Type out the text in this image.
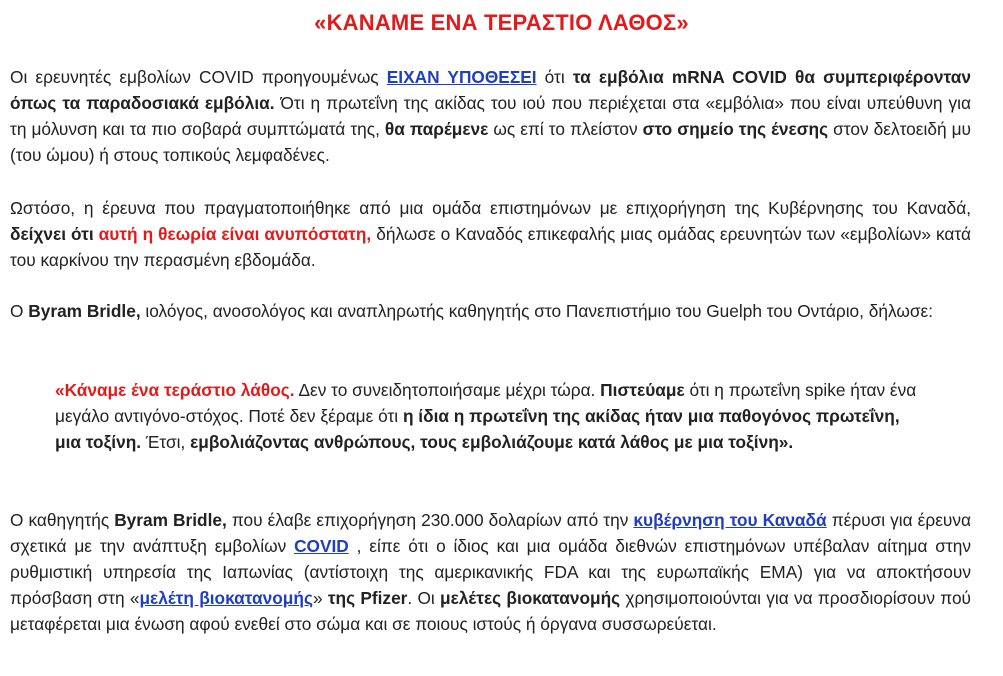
«ΚΑΝΑΜΕ ΕΝΑ ΤΕΡΑΣΤΙΟ ΛΑΘΟΣ»

Οι ερευνητές εμβολίων COVID προηγουμένως ΕΙΧΑΝ ΥΠΟΘΕΣΕΙ ότι τα εμβόλια mRNA COVID θα συμπεριφέρονταν όπως τα παραδοσιακά εμβόλια. Ότι η πρωτεΐνη της ακίδας του ιού που περιέχεται στα «εμβόλια» που είναι υπεύθυνη για τη μόλυνση και τα πιο σοβαρά συμπτώματά της, θα παρέμενε ως επί το πλείστον στο σημείο της ένεσης στον δελτοειδή μυ (του ώμου) ή στους τοπικούς λεμφαδένες.

Ωστόσο, η έρευνα που πραγματοποιήθηκε από μια ομάδα επιστημόνων με επιχορήγηση της Κυβέρνησης του Καναδά, δείχνει ότι αυτή η θεωρία είναι ανυπόστατη, δήλωσε ο Καναδός επικεφαλής μιας ομάδας ερευνητών των «εμβολίων» κατά του καρκίνου την περασμένη εβδομάδα.

Ο Byram Bridle, ιολόγος, ανοσολόγος και αναπληρωτής καθηγητής στο Πανεπιστήμιο του Guelph του Οντάριο, δήλωσε:

«Κάναμε ένα τεράστιο λάθος. Δεν το συνειδητοποιήσαμε μέχρι τώρα. Πιστεύαμε ότι η πρωτεΐνη spike ήταν ένα μεγάλο αντιγόνο-στόχος. Ποτέ δεν ξέραμε ότι η ίδια η πρωτεΐνη της ακίδας ήταν μια παθογόνος πρωτεΐνη, μια τοξίνη. Έτσι, εμβολιάζοντας ανθρώπους, τους εμβολιάζουμε κατά λάθος με μια τοξίνη».

Ο καθηγητής Byram Bridle, που έλαβε επιχορήγηση 230.000 δολαρίων από την κυβέρνηση του Καναδά πέρυσι για έρευνα σχετικά με την ανάπτυξη εμβολίων COVID , είπε ότι ο ίδιος και μια ομάδα διεθνών επιστημόνων υπέβαλαν αίτημα στην ρυθμιστική υπηρεσία της Ιαπωνίας (αντίστοιχη της αμερικανικής FDA και της ευρωπαϊκής EMA) για να αποκτήσουν πρόσβαση στη «μελέτη βιοκατανομής» της Pfizer. Οι μελέτες βιοκατανομής χρησιμοποιούνται για να προσδιορίσουν πού μεταφέρεται μια ένωση αφού ενεθεί στο σώμα και σε ποιους ιστούς ή όργανα συσσωρεύεται.
